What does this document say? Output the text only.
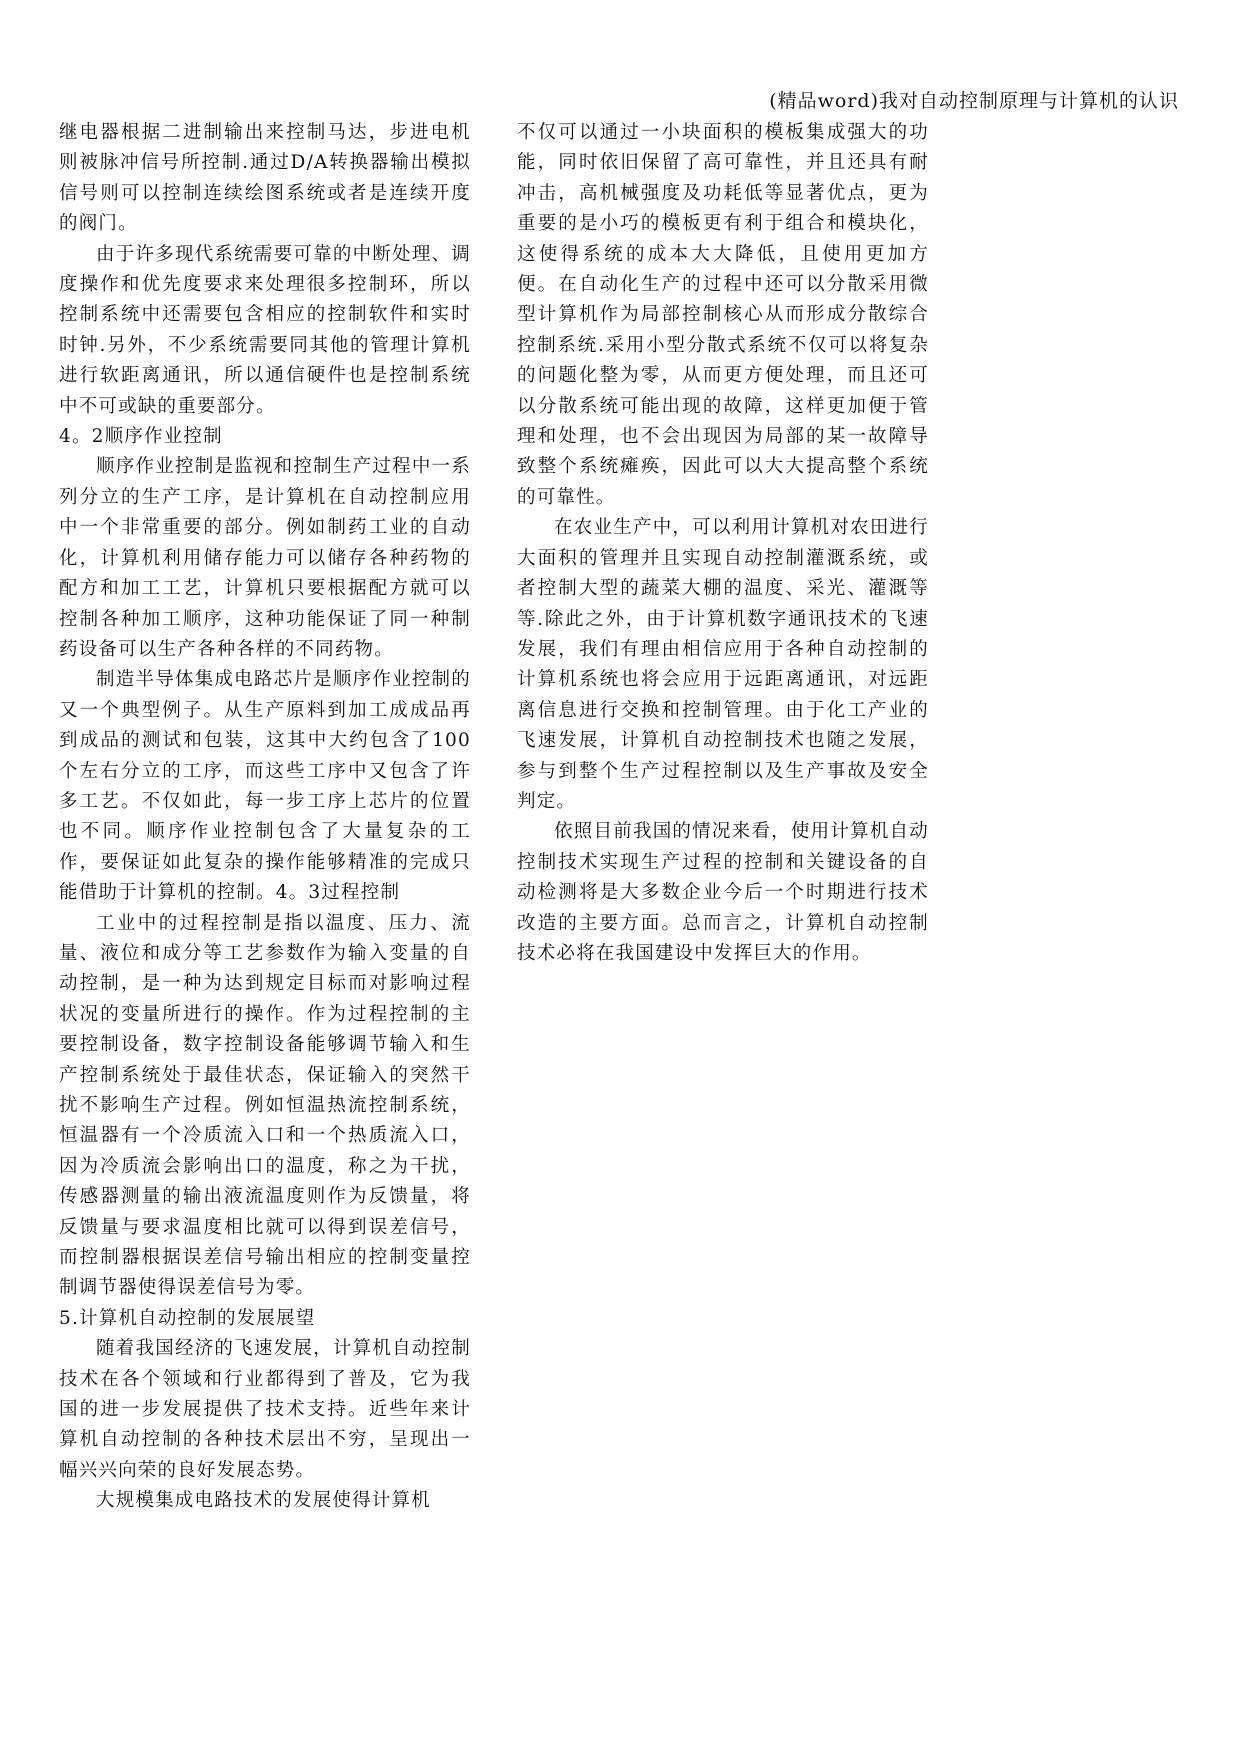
(精品word)我对自动控制原理与计算机的认识

继电器根据二进制输出来控制马达，步进电机则被脉冲信号所控制.通过D/A转换器输出模拟信号则可以控制连续绘图系统或者是连续开度的阀门。

由于许多现代系统需要可靠的中断处理、调度操作和优先度要求来处理很多控制环，所以控制系统中还需要包含相应的控制软件和实时时钟.另外，不少系统需要同其他的管理计算机进行软距离通讯，所以通信硬件也是控制系统中不可或缺的重要部分。

4。2顺序作业控制

顺序作业控制是监视和控制生产过程中一系列分立的生产工序，是计算机在自动控制应用中一个非常重要的部分。例如制药工业的自动化，计算机利用储存能力可以储存各种药物的配方和加工工艺，计算机只要根据配方就可以控制各种加工顺序，这种功能保证了同一种制药设备可以生产各种各样的不同药物。

制造半导体集成电路芯片是顺序作业控制的又一个典型例子。从生产原料到加工成成品再到成品的测试和包装，这其中大约包含了100个左右分立的工序，而这些工序中又包含了许多工艺。不仅如此，每一步工序上芯片的位置也不同。顺序作业控制包含了大量复杂的工作，要保证如此复杂的操作能够精准的完成只能借助于计算机的控制。4。3过程控制

工业中的过程控制是指以温度、压力、流量、液位和成分等工艺参数作为输入变量的自动控制，是一种为达到规定目标而对影响过程状况的变量所进行的操作。作为过程控制的主要控制设备，数字控制设备能够调节输入和生产控制系统处于最佳状态，保证输入的突然干扰不影响生产过程。例如恒温热流控制系统，恒温器有一个冷质流入口和一个热质流入口，因为冷质流会影响出口的温度，称之为干扰，传感器测量的输出液流温度则作为反馈量，将反馈量与要求温度相比就可以得到误差信号，而控制器根据误差信号输出相应的控制变量控制调节器使得误差信号为零。

5.计算机自动控制的发展展望

随着我国经济的飞速发展，计算机自动控制技术在各个领域和行业都得到了普及，它为我国的进一步发展提供了技术支持。近些年来计算机自动控制的各种技术层出不穷，呈现出一幅兴兴向荣的良好发展态势。

大规模集成电路技术的发展使得计算机

不仅可以通过一小块面积的模板集成强大的功能，同时依旧保留了高可靠性，并且还具有耐冲击，高机械强度及功耗低等显著优点，更为重要的是小巧的模板更有利于组合和模块化，这使得系统的成本大大降低，且使用更加方便。在自动化生产的过程中还可以分散采用微型计算机作为局部控制核心从而形成分散综合控制系统.采用小型分散式系统不仅可以将复杂的问题化整为零，从而更方便处理，而且还可以分散系统可能出现的故障，这样更加便于管理和处理，也不会出现因为局部的某一故障导致整个系统瘫痪，因此可以大大提高整个系统的可靠性。

在农业生产中，可以利用计算机对农田进行大面积的管理并且实现自动控制灌溉系统，或者控制大型的蔬菜大棚的温度、采光、灌溉等等.除此之外，由于计算机数字通讯技术的飞速发展，我们有理由相信应用于各种自动控制的计算机系统也将会应用于远距离通讯，对远距离信息进行交换和控制管理。由于化工产业的飞速发展，计算机自动控制技术也随之发展，参与到整个生产过程控制以及生产事故及安全判定。

依照目前我国的情况来看，使用计算机自动控制技术实现生产过程的控制和关键设备的自动检测将是大多数企业今后一个时期进行技术改造的主要方面。总而言之，计算机自动控制技术必将在我国建设中发挥巨大的作用。
